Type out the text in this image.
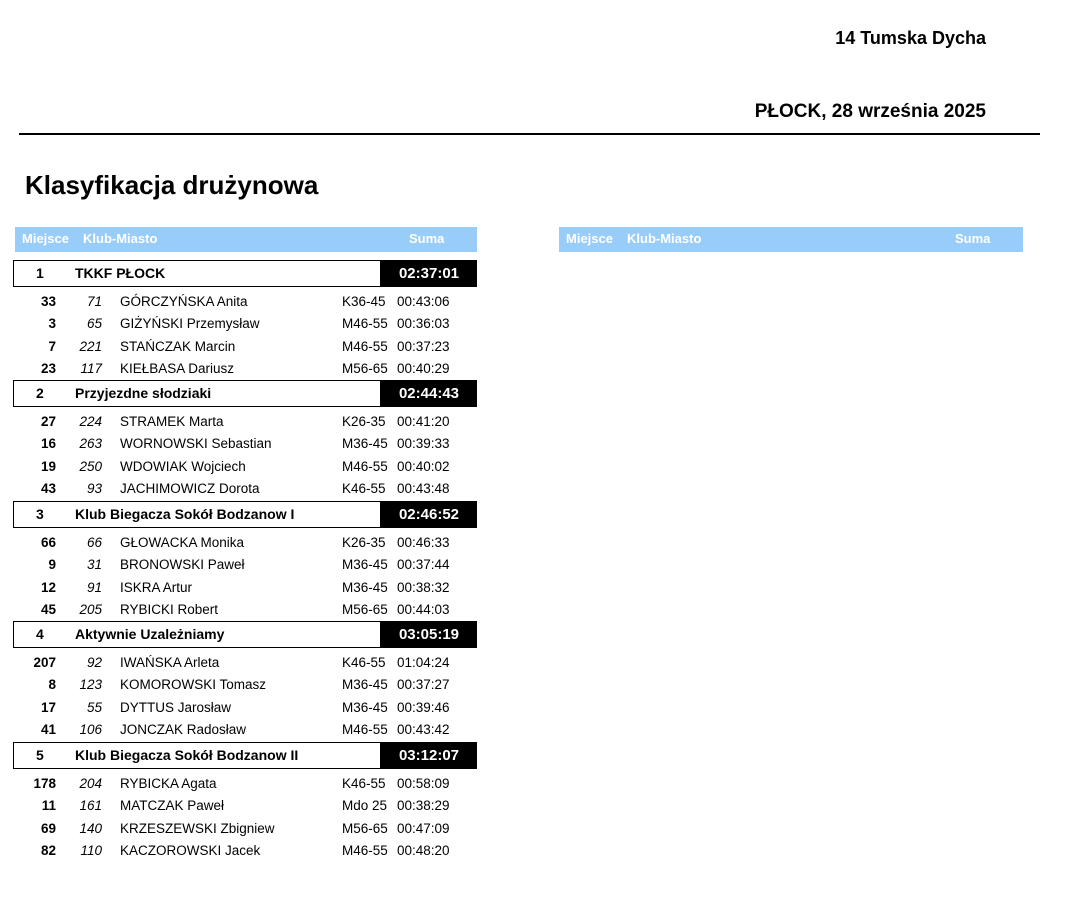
14 Tumska Dycha
PŁOCK, 28 września 2025
Klasyfikacja drużynowa
Miejsce Klub-Miasto	Suma	Miejsce Klub-Miasto	Suma
1 TKKF PŁOCK	02:37:01
33 71 GÓRCZYŃSKA Anita	K36-45 00:43:06
3 65 GIŻYŃSKI Przemysław	M46-55 00:36:03
7 221 STAŃCZAK Marcin	M46-55 00:37:23
23 117 KIEŁBASA Dariusz	M56-65 00:40:29
2 Przyjezdne słodziaki	02:44:43
27 224 STRAMEK Marta	K26-35 00:41:20
16 263 WORNOWSKI Sebastian	M36-45 00:39:33
19 250 WDOWIAK Wojciech	M46-55 00:40:02
43 93 JACHIMOWICZ Dorota	K46-55 00:43:48
3 Klub Biegacza Sokół Bodzanow I	02:46:52
66 66 GŁOWACKA Monika	K26-35 00:46:33
9 31 BRONOWSKI Paweł	M36-45 00:37:44
12 91 ISKRA Artur	M36-45 00:38:32
45 205 RYBICKI Robert	M56-65 00:44:03
4 Aktywnie Uzależniamy	03:05:19
207 92 IWAŃSKA Arleta	K46-55 01:04:24
8 123 KOMOROWSKI Tomasz	M36-45 00:37:27
17 55 DYTTUS Jarosław	M36-45 00:39:46
41 106 JONCZAK Radosław	M46-55 00:43:42
5 Klub Biegacza Sokół Bodzanow II	03:12:07
178 204 RYBICKA Agata	K46-55 00:58:09
11 161 MATCZAK Paweł	Mdo 25 00:38:29
69 140 KRZESZEWSKI Zbigniew	M56-65 00:47:09
82 110 KACZOROWSKI Jacek	M46-55 00:48:20
